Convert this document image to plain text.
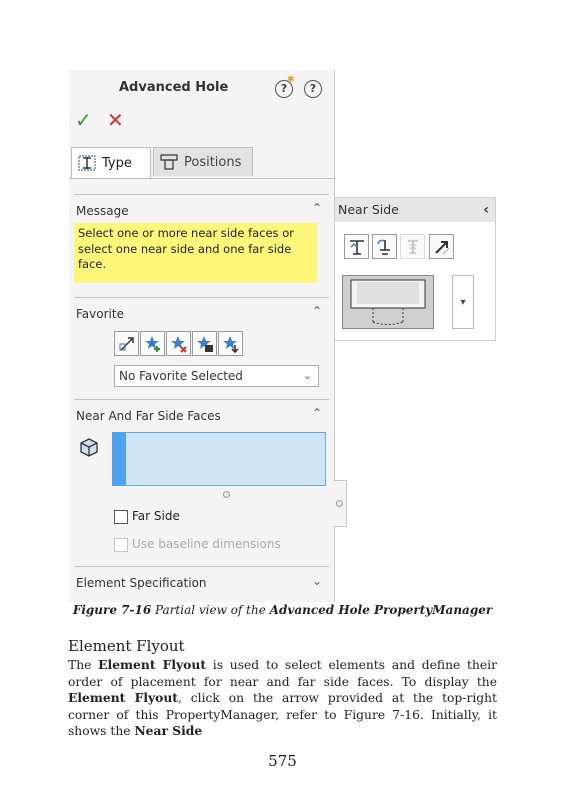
Advanced Hole	?
✱
?
✓ ✕
Type	Positions
Message	⌃
Select one or more near side faces or select one near side and one far side face.
Favorite	⌃
No Favorite Selected	⌄
Near And Far Side Faces	⌃
Far Side
Use baseline dimensions
Element Specification	⌄
Near Side	‹
▾
Figure 7-16 Partial view of the Advanced Hole PropertyManager
Element Flyout

The Element Flyout is used to select elements and define their order of placement for near and far side faces. To display the Element Flyout, click on the arrow provided at the top-right corner of this PropertyManager, refer to Figure 7-16. Initially, it shows the Near Side

575
